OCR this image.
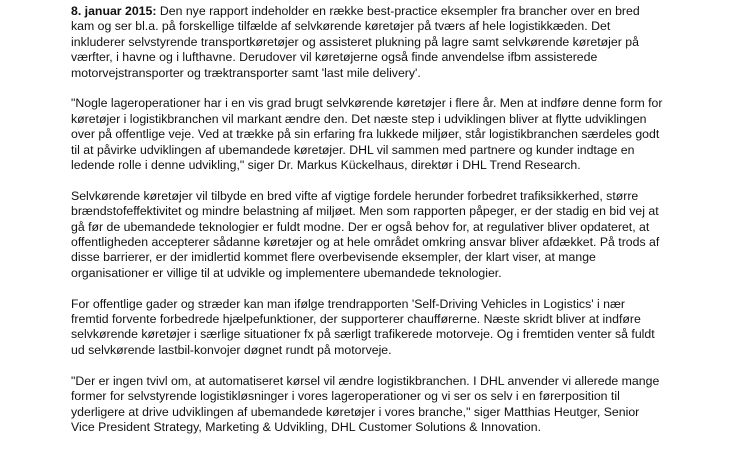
8. januar 2015: Den nye rapport indeholder en række best-practice eksempler fra brancher over en bred
kam og ser bl.a. på forskellige tilfælde af selvkørende køretøjer på tværs af hele logistikkæden. Det
inkluderer selvstyrende transportkøretøjer og assisteret plukning på lagre samt selvkørende køretøjer på
værfter, i havne og i lufthavne. Derudover vil køretøjerne også finde anvendelse ifbm assisterede
motorvejstransporter og træktransporter samt 'last mile delivery'.
"Nogle lageroperationer har i en vis grad brugt selvkørende køretøjer i flere år. Men at indføre denne form for
køretøjer i logistikbranchen vil markant ændre den. Det næste step i udviklingen bliver at flytte udviklingen
over på offentlige veje. Ved at trække på sin erfaring fra lukkede miljøer, står logistikbranchen særdeles godt
til at påvirke udviklingen af ubemandede køretøjer. DHL vil sammen med partnere og kunder indtage en
ledende rolle i denne udvikling," siger Dr. Markus Kückelhaus, direktør i DHL Trend Research.
Selvkørende køretøjer vil tilbyde en bred vifte af vigtige fordele herunder forbedret trafiksikkerhed, større
brændstofeffektivitet og mindre belastning af miljøet. Men som rapporten påpeger, er der stadig en bid vej at
gå før de ubemandede teknologier er fuldt modne. Der er også behov for, at regulativer bliver opdateret, at
offentligheden accepterer sådanne køretøjer og at hele området omkring ansvar bliver afdækket. På trods af
disse barrierer, er der imidlertid kommet flere overbevisende eksempler, der klart viser, at mange
organisationer er villige til at udvikle og implementere ubemandede teknologier.
For offentlige gader og stræder kan man ifølge trendrapporten 'Self-Driving Vehicles in Logistics' i nær
fremtid forvente forbedrede hjælpefunktioner, der supporterer chaufførerne. Næste skridt bliver at indføre
selvkørende køretøjer i særlige situationer fx på særligt trafikerede motorveje. Og i fremtiden venter så fuldt
ud selvkørende lastbil-konvojer døgnet rundt på motorveje.
"Der er ingen tvivl om, at automatiseret kørsel vil ændre logistikbranchen. I DHL anvender vi allerede mange
former for selvstyrende logistikløsninger i vores lageroperationer og vi ser os selv i en førerposition til
yderligere at drive udviklingen af ubemandede køretøjer i vores branche," siger Matthias Heutger, Senior
Vice President Strategy, Marketing & Udvikling, DHL Customer Solutions & Innovation.
